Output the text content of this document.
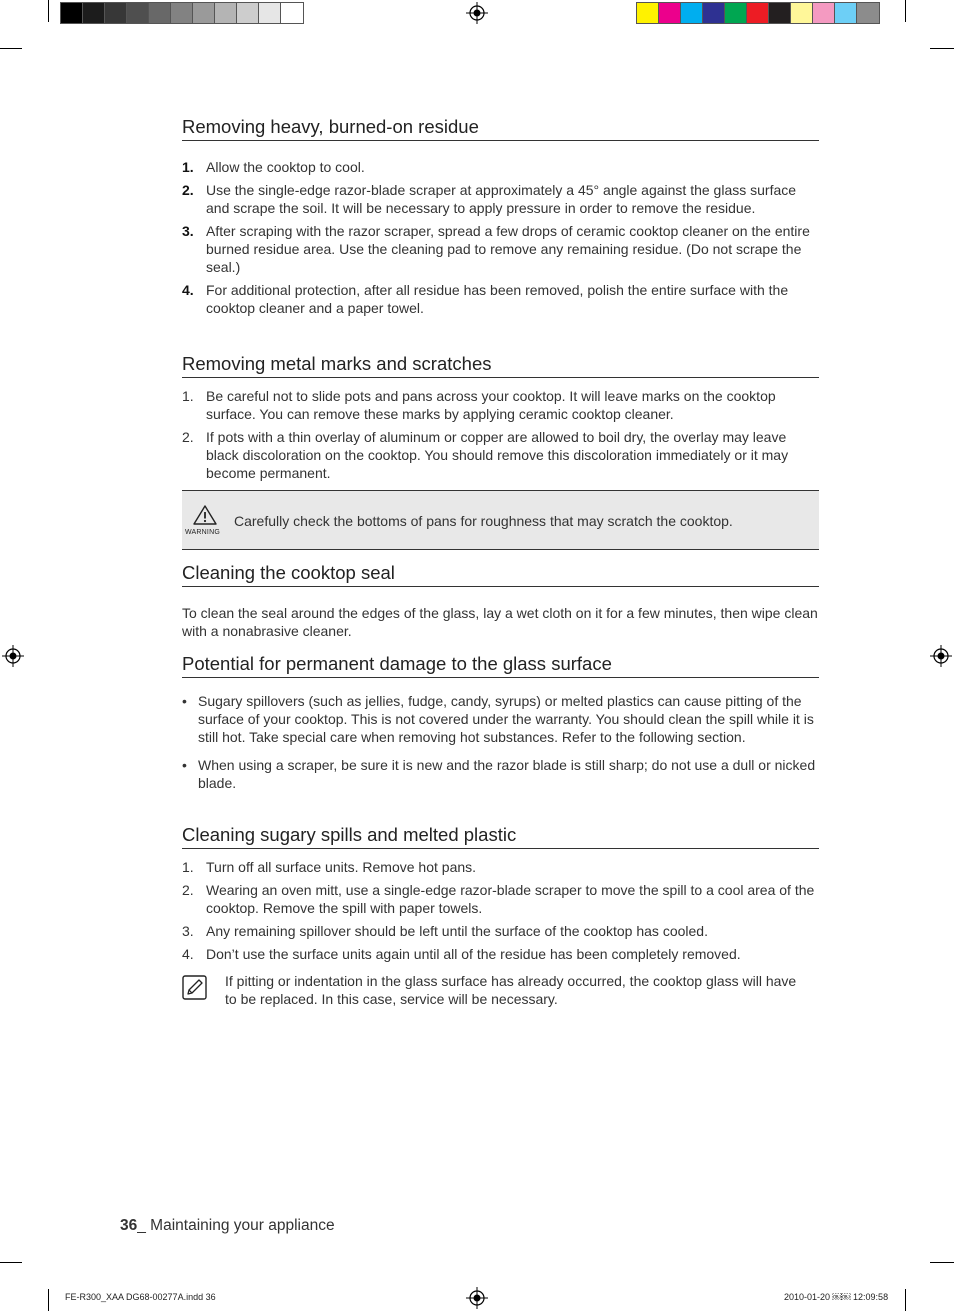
Removing heavy, burned-on residue
1. Allow the cooktop to cool.
2. Use the single-edge razor-blade scraper at approximately a 45° angle against the glass surface and scrape the soil. It will be necessary to apply pressure in order to remove the residue.
3. After scraping with the razor scraper, spread a few drops of ceramic cooktop cleaner on the entire burned residue area. Use the cleaning pad to remove any remaining residue. (Do not scrape the seal.)
4. For additional protection, after all residue has been removed, polish the entire surface with the cooktop cleaner and a paper towel.
Removing metal marks and scratches
1. Be careful not to slide pots and pans across your cooktop. It will leave marks on the cooktop surface. You can remove these marks by applying ceramic cooktop cleaner.
2. If pots with a thin overlay of aluminum or copper are allowed to boil dry, the overlay may leave black discoloration on the cooktop. You should remove this discoloration immediately or it may become permanent.
WARNING
Carefully check the bottoms of pans for roughness that may scratch the cooktop.
Cleaning the cooktop seal

To clean the seal around the edges of the glass, lay a wet cloth on it for a few minutes, then wipe clean with a nonabrasive cleaner.

Potential for permanent damage to the glass surface
• Sugary spillovers (such as jellies, fudge, candy, syrups) or melted plastics can cause pitting of the surface of your cooktop. This is not covered under the warranty. You should clean the spill while it is still hot. Take special care when removing hot substances. Refer to the following section.
• When using a scraper, be sure it is new and the razor blade is still sharp; do not use a dull or nicked blade.
Cleaning sugary spills and melted plastic
1. Turn off all surface units. Remove hot pans.
2. Wearing an oven mitt, use a single-edge razor-blade scraper to move the spill to a cool area of the cooktop. Remove the spill with paper towels.
3. Any remaining spillover should be left until the surface of the cooktop has cooled.
4. Don’t use the surface units again until all of the residue has been completely removed.

If pitting or indentation in the glass surface has already occurred, the cooktop glass will have to be replaced. In this case, service will be necessary.

36_ Maintaining your appliance
FE-R300_XAA DG68-00277A.indd 36	2010-01-20 ￼￼ 12:09:58
